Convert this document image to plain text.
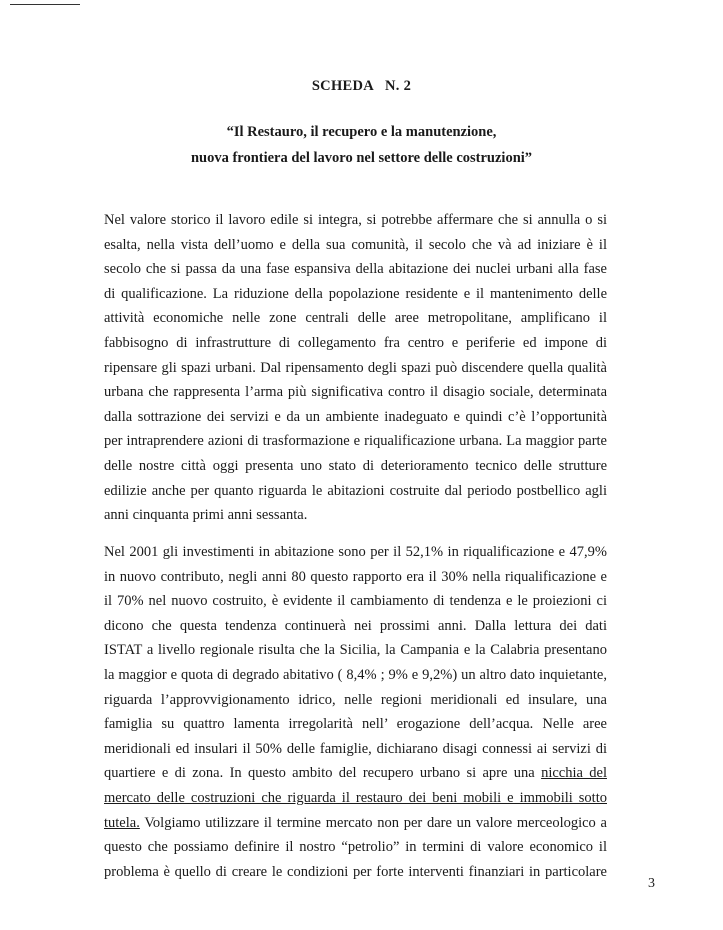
SCHEDA   N. 2
“Il Restauro, il recupero e la manutenzione,
nuova frontiera del lavoro nel settore delle costruzioni”
Nel valore storico il lavoro edile si integra, si potrebbe affermare che si annulla o si
esalta, nella vista dell’uomo e della sua comunità, il secolo che và ad iniziare è il
secolo che si passa da una fase espansiva della abitazione dei nuclei urbani alla fase
di qualificazione. La riduzione della popolazione residente e il mantenimento delle
attività economiche nelle zone centrali delle aree metropolitane, amplificano il
fabbisogno di infrastrutture di collegamento fra centro e periferie ed impone di
ripensare gli spazi urbani. Dal ripensamento degli spazi può discendere quella qualità
urbana che rappresenta l’arma più significativa contro il disagio sociale, determinata
dalla sottrazione dei servizi e da un ambiente inadeguato e quindi c’è l’opportunità
per intraprendere azioni di trasformazione e riqualificazione urbana. La maggior parte
delle nostre città oggi presenta uno stato di deterioramento tecnico delle strutture
edilizie anche per quanto riguarda le abitazioni costruite dal periodo postbellico agli
anni cinquanta primi anni sessanta.
Nel 2001 gli investimenti in abitazione sono per il 52,1% in riqualificazione e 47,9%
in nuovo contributo, negli anni 80 questo rapporto era il 30% nella riqualificazione e
il 70% nel nuovo costruito, è evidente il cambiamento di tendenza e le proiezioni ci
dicono che questa tendenza continuerà nei prossimi anni. Dalla lettura dei dati
ISTAT a livello regionale risulta che la Sicilia, la Campania e la Calabria presentano
la maggior e quota di degrado abitativo ( 8,4% ; 9% e 9,2%) un altro dato inquietante,
riguarda l’approvvigionamento idrico, nelle regioni meridionali ed insulare, una
famiglia su quattro lamenta irregolarità nell’ erogazione dell’acqua. Nelle aree
meridionali ed insulari il 50% delle famiglie, dichiarano disagi connessi ai servizi di
quartiere e di zona. In questo ambito del recupero urbano si apre una nicchia del
mercato delle costruzioni che riguarda il restauro dei beni mobili e immobili sotto
tutela. Volgiamo utilizzare il termine mercato non per dare un valore merceologico a
questo che possiamo definire il nostro “petrolio” in termini di valore economico il
problema è quello di creare le condizioni per forte interventi finanziari in particolare
3
